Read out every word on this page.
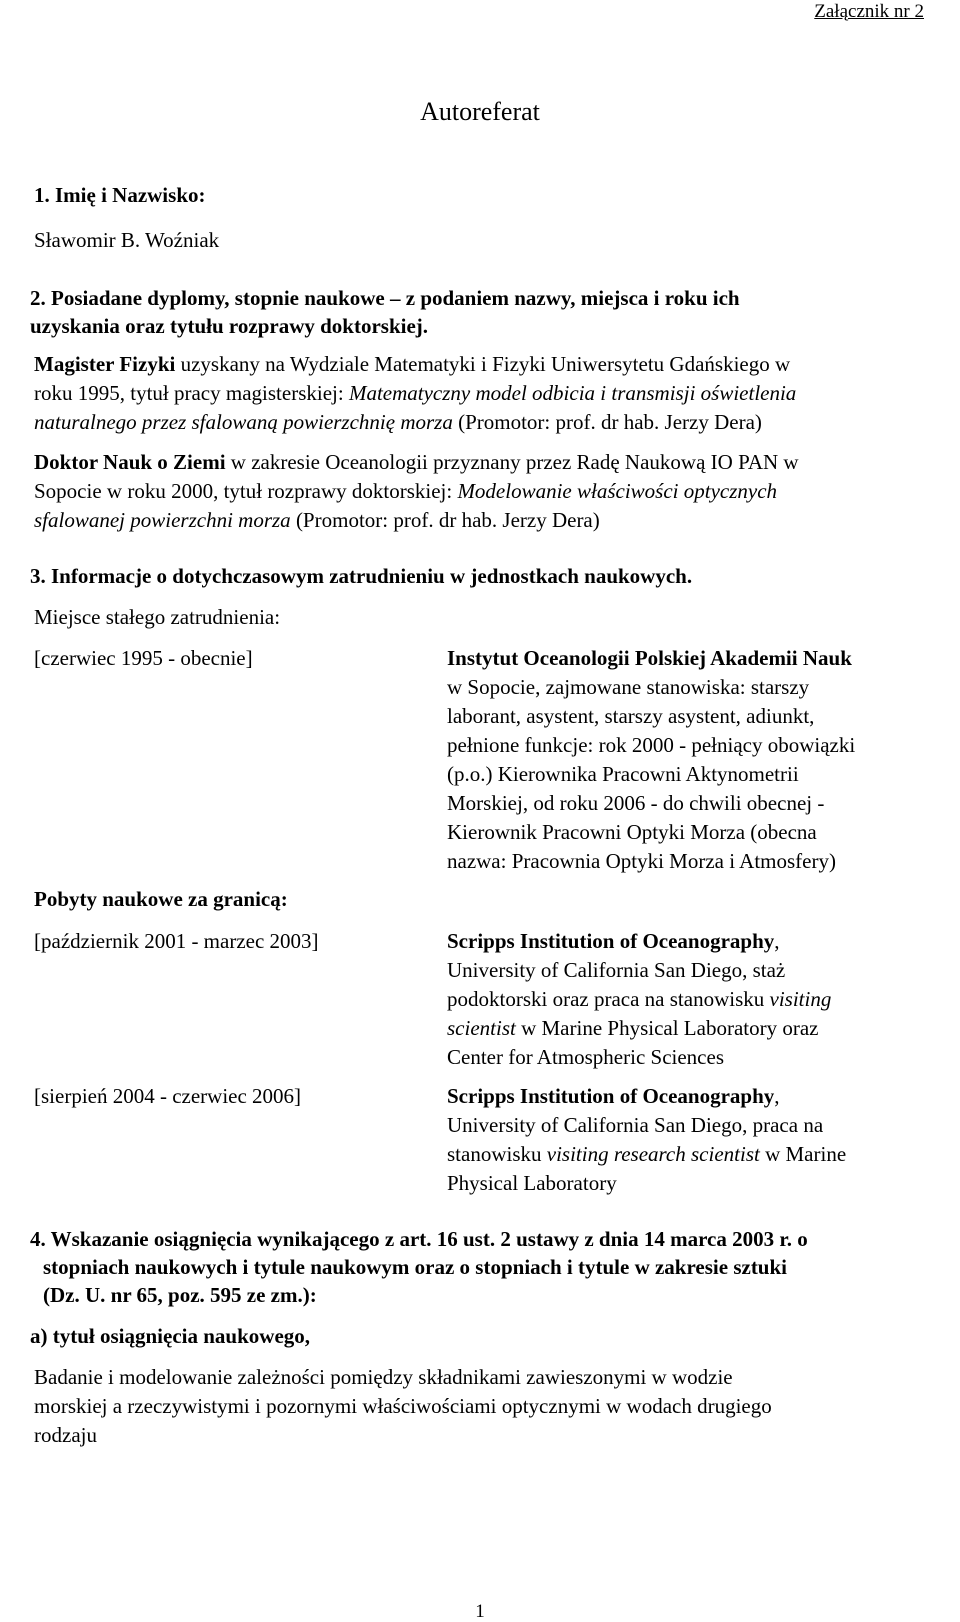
Załącznik nr 2
Autoreferat
1. Imię i Nazwisko:
Sławomir B. Woźniak
2. Posiadane dyplomy, stopnie naukowe – z podaniem nazwy, miejsca i roku ich
uzyskania oraz tytułu rozprawy doktorskiej.
Magister Fizyki uzyskany na Wydziale Matematyki i Fizyki Uniwersytetu Gdańskiego w
roku 1995, tytuł pracy magisterskiej: Matematyczny model odbicia i transmisji oświetlenia
naturalnego przez sfalowaną powierzchnię morza (Promotor: prof. dr hab. Jerzy Dera)
Doktor Nauk o Ziemi w zakresie Oceanologii przyznany przez Radę Naukową IO PAN w
Sopocie w roku 2000, tytuł rozprawy doktorskiej: Modelowanie właściwości optycznych
sfalowanej powierzchni morza (Promotor: prof. dr hab. Jerzy Dera)
3. Informacje o dotychczasowym zatrudnieniu w jednostkach naukowych.
Miejsce stałego zatrudnienia:
[czerwiec 1995 - obecnie]	Instytut Oceanologii Polskiej Akademii Nauk
w Sopocie, zajmowane stanowiska: starszy
laborant, asystent, starszy asystent, adiunkt,
pełnione funkcje: rok 2000 - pełniący obowiązki
(p.o.) Kierownika Pracowni Aktynometrii
Morskiej, od roku 2006 - do chwili obecnej -
Kierownik Pracowni Optyki Morza (obecna
nazwa: Pracownia Optyki Morza i Atmosfery)
Pobyty naukowe za granicą:
[październik 2001 - marzec 2003]	Scripps Institution of Oceanography,
University of California San Diego, staż
podoktorski oraz praca na stanowisku visiting
scientist w Marine Physical Laboratory oraz
Center for Atmospheric Sciences
[sierpień 2004 - czerwiec 2006]	Scripps Institution of Oceanography,
University of California San Diego, praca na
stanowisku visiting research scientist w Marine
Physical Laboratory
4. Wskazanie osiągnięcia wynikającego z art. 16 ust. 2 ustawy z dnia 14 marca 2003 r. o
stopniach naukowych i tytule naukowym oraz o stopniach i tytule w zakresie sztuki
(Dz. U. nr 65, poz. 595 ze zm.):
a) tytuł osiągnięcia naukowego,
Badanie i modelowanie zależności pomiędzy składnikami zawieszonymi w wodzie
morskiej a rzeczywistymi i pozornymi właściwościami optycznymi w wodach drugiego
rodzaju
1
